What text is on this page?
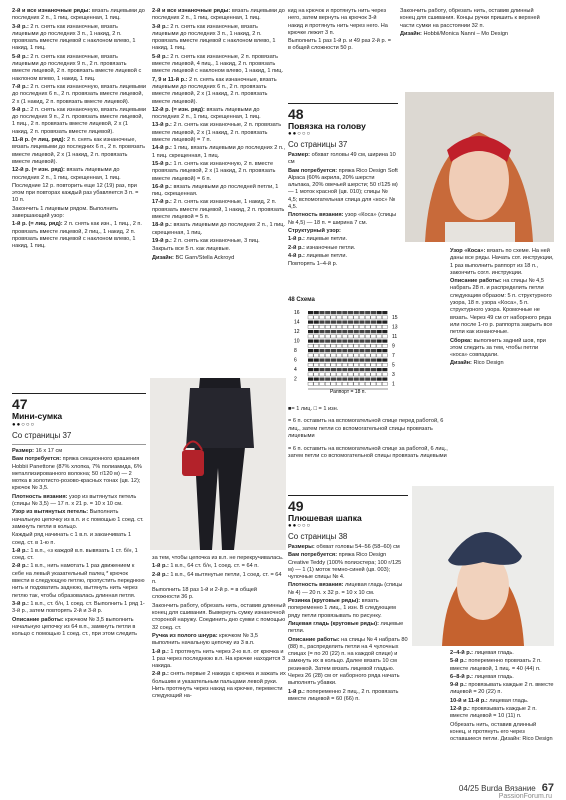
2-й и все изнаночные ряды: вязать лицевыми до последних 2 п., 1 пиц. скрещенная, 1 пиц.

3-й р.: 2 п. снять как изнаночные, вязать лицевыми до последних 3 п., 1 накид, 2 п. провязать вместе лицевой с наклоном влево, 1 накид, 1 пиц.

5-й р.: 2 п. снять как изнаночные, вязать лицевыми до последних 9 п., 2 п. провязать вместе лицевой, 2 п. провязать вместе лицевой с наклоном влево, 1 накид, 1 пиц.

7-й р.: 2 п. снять как изнаночную, вязать лицевыми до последних 6 п., 2 п. провязать вместе лицевой, 2 х (1 накид, 2 п. провязать вместе лицевой).

9-й р.: 2 п. снять как изнаночную, вязать лицевыми до последних 9 п., 2 п. провязать вместе лицевой, 1 пиц., 2 п. провязать вместе лицевой, 2 х (1 накид, 2 п. провязать вместе лицевой).

11-й р. (= лиц. ряд): 2 п. снять как изнаночные, вязать лицевыми до последних 6 п., 2 п. провязать вместе лицевой, 2 х (1 накид, 2 п. провязать вместе лицевой).

12-й р. (= изн. ряд): вязать лицевыми до последних 2 п., 1 пиц. скрещенная, 1 пиц.

Последние 12 р. повторить еще 12 (19) раз, при этом при повторах каждый раз убавляется 3 п. = 10 п.

Закончить 1 лицевым рядом. Выполнить завершающий узор:

1-й р. (= лиц. ряд): 2 п. снять как изн., 1 пиц., 2 п. провязать вместе лицевой, 2 пиц., 1 накид, 2 п. провязать вместе лицевой с наклоном влево, 1 накид, 1 пиц.

47
Мини-сумка
●●○○○
Со страницы 37

Размер: 16 x 17 см

Вам потребуется: пряжа секционного крашения Hobbii Panettone (87% хлопка, 7% полиамида, 6% металлизированного волокна; 50 г/120 м) — 2 мотка в золотисто-розово-красных тонах (цв. 12); крючок № 3,5.

Плотность вязания: узор из вытянутых петель (спицы № 3,5) — 17 п. x 21 р. = 10 x 10 см.

Узор из вытянутых петель: Выполнить начальную цепочку из в.п. и с помощью 1 соед. ст. замкнуть петли в кольцо.

Каждый ряд начинать с 1 в.п. и заканчивать 1 соед. ст. в 1-ю п.

1-й р.: 1 в.п., «з каждой в.п. вывязать 1 ст. б/н, 1 соед. ст.

2-й р.: 1 в.п., нить намотать 1 раз движением к себе на левый указательный палец * крючок ввести в следующую петлю, пропустить переднюю нить и подхватить заднюю, вытянуть нить через петлю так, чтобы образовалась длинная петля.

3-й р.: 1 в.п., ст. б/н, 1 соед. ст. Выполнить 1 ряд 1-3-й р., затем повторять 2-й и 3-й р.

Описание работы: крючком № 3,5 выполнить начальную цепочку из 64 в.п., замкнуть петли в кольцо с помощью 1 соед. ст., при этом следить

2-й и все изнаночные ряды: вязать лицевыми до последних 2 п., 1 пиц. скрещенная, 1 пиц.

3-й р.: 2 п. снять как изнаночные, вязать лицевыми до последних 3 п., 1 накид, 2 п. провязать вместе лицевой с наклоном влево, 1 накид, 1 пиц.

5-й р.: 2 п. снять как изнаночные, 2 п. провязать вместе лицевой, 4 пиц., 1 накид, 2 п. провязать вместе лицевой с наклоном влево, 1 накид, 1 пиц.

7, 9 и 11-й р.: 2 п. снять как изнаночные, вязать лицевыми до последних 6 п., 2 п. провязать вместе лицевой, 2 х (1 накид, 2 п. провязать вместе лицевой).

12-й р. (= изн. ряд): вязать лицевыми до последних 2 п., 1 пиц. скрещенная, 1 пиц.

13-й р.: 2 п. снять как изнаночные, 2 п. провязать вместе лицевой, 2 х (1 накид, 2 п. провязать вместе лицевой) = 7 п.

14-й р.: 1 пиц. вязать лицевыми до последних 2 п., 1 пиц. скрещенная, 1 пиц.

15-й р.: 1 п. снять как изнаночную, 2 п. вместе провязать лицевой, 2 х (1 накид, 2 п. провязать вместе лицевой) = 6 п.

16-й р.: вязать лицевыми до последней петли, 1 пиц. скрещенная.

17-й р.: 2 п. снять как изнаночные, 1 накид, 2 п. провязать вместе лицевой, 1 накид, 2 п. провязать вместе лицевой = 5 п.

18-й р.: вязать лицевыми до последних 2 п., 1 пиц. скрещенная, 1 пиц.

19-й р.: 2 п. снять как изнаночные, 3 пиц.

Закрыть все 5 п. как лицевые.

Дизайн: BC Garn/Stella Ackroyd

за тем, чтобы цепочка из в.п. не перекручивалась.

1-й р.: 1 в.п., 64 ст. б/н, 1 соед. ст. = 64 п.

2-й р.: 1 в.п., 64 вытянутые петли, 1 соед. ст. = 64 п.

Выполнить 18 раз 1-й и 2-й р. = в общей сложности 36 р.

Закончить работу, обрезать нить, оставив длинный конец для сшивания. Вывернуть сумку изнаночной стороной наружу. Соединить дно сумки с помощью 32 соед. ст.

Ручка из полого шнура: крючком № 3,5 выполнить начальную цепочку из 3 в.п.

1-й р.: 1 протянуть нить через 2-ю в.п. от крючка и 1 раз через последнюю в.п. На крючке находится 3 накида.

2-й р.: снять первые 2 накида с крючка и зажать их большим и указательным пальцами левой руки. Нить протянуть через накид на крючке, перевести следующий на-

кид на крючок и протянуть нить через него, затем вернуть на крючок 3-й накид и протянуть нить через него. На крючке лежит 3 п.

Выполнить 1 раз 1-й р. и 49 раз 2-й р. = в общей сложности 50 р.

Закончить работу, обрезать нить, оставив длинный конец для сшивания. Концы ручки пришить к верхней части сумки на расстоянии 32 п.

Дизайн: Hobbii/Monica Nanni – Mo Design

48
Повязка на голову
●●○○○
Со страницы 37

Размер: обхват головы 49 см, ширина 10 см

Вам потребуется: пряжа Rico Design Soft Alpaca (60% акрила, 20% шерсти альпака, 20% овечьей шерсти; 50 г/125 м) — 1 моток красной (цв. 010); спицы № 4,5; вспомогательная спица для «кос» № 4,5.

Плотность вязания: узор «Коса» (спицы № 4,5) — 18 п. = ширина 7 см.

Структурный узор:

1-й р.: лицевые петли.

2-й р.: изнаночные петли.

4-й р.: лицевые петли.

Повторять 1–4-й р.

48 Схема
16
14
12
10
8
6
4
2
15
13
11
9
7
5
3
1
Раппорт = 18 п.

■= 1 лиц. □ = 1 изн.

= 6 п. оставить на вспомогательной спице перед работой, 6 лиц., затем петли со вспомогательной спицы провязать лицевыми

= 6 п. оставить на вспомогательной спице за работой, 6 лиц., затем петли со вспомогательной спицы провязать лицевыми

Узор «Коса»: вязать по схеме. На ней даны все ряды. Начать сот. инструкции, 1 раз выполнить раппорт из 18 п., закончить согл. инструкции.

Описание работы: на спицы № 4,5 набрать 28 п. и распределить петли следующим образом: 5 п. структурного узора, 18 п. узора «Коса», 5 п. структурного узора. Кромочные не вязать. Через 49 см от наборного ряда или после 1-го р. раппорта закрыть все петли как изнаночные.

Сборка: выполнить задний шов, при этом следить за тем, чтобы петли «коса» совпадали.

Дизайн: Rico Design

49
Плюшевая шапка
●●○○○
Со страницы 38

Размеры: обхват головы 54–56 (58–60) см

Вам потребуется: пряжа Rico Design Creative Teddy (100% полиэстера; 100 г/125 м) — 1 (1) моток темно-синей (цв. 003); чулочные спицы № 4.

Плотность вязания: лицевая гладь (спицы № 4) — 20 п. x 32 р. = 10 x 10 см.

Резинка (круговые ряды): вязать попеременно 1 лиц., 1 изн. В следующем ряду петли провязывать по рисунку.

Лицевая гладь (круговые ряды): лицевые петли.

Описание работы: на спицы № 4 набрать 80 (88) п., распределить петли на 4 чулочных спицах (= по 20 (22) п. на каждой спице) и замкнуть их в кольцо. Далее вязать 10 см резинкой. Затем вязать лицевой гладью. Через 26 (28) см от наборного ряда начать выполнять убавки.

1-й р.: попеременно 2 пиц., 2 п. провязать вместе лицевой = 60 (66) п.

2–4-й р.: лицевая гладь.

5-й р.: попеременно провязать 2 п. вместе лицевой, 1 пиц. = 40 (44) п.

6–8-й р.: лицевая гладь.

9-й р.: провязывать каждые 2 п. вместе лицевой = 20 (22) п.

10-й и 11-й р.: лицевая гладь.

12-й р.: провязывать каждые 2 п. вместе лицевой = 10 (11) п.

Обрезать нить, оставив длинный конец, и протянуть его через оставшиеся петли. Дизайн: Rico Design

04/25 Burda Вязание 67
PassionForum.ru
